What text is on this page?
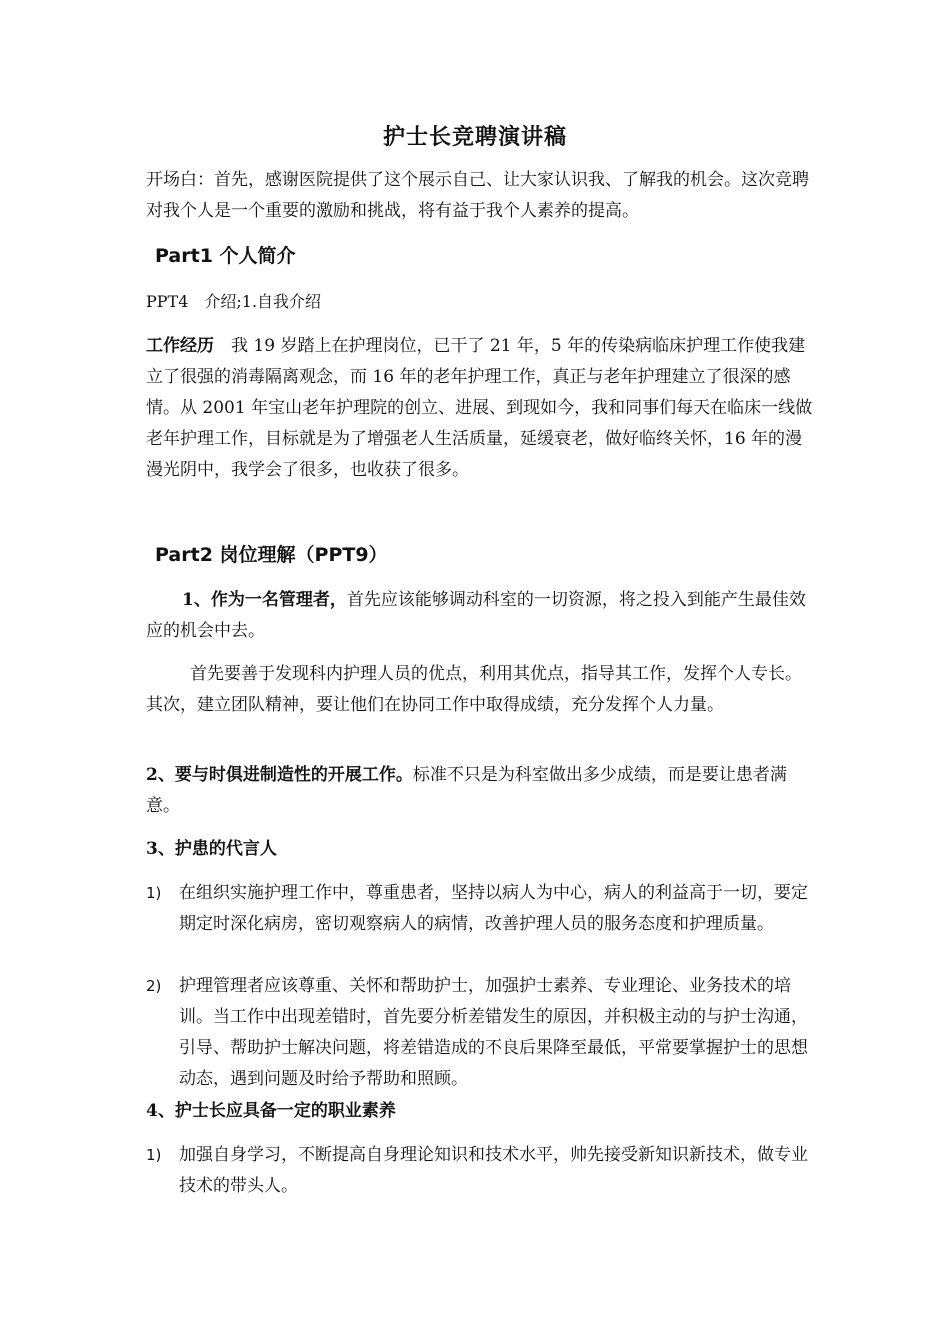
护士长竞聘演讲稿
开场白：首先，感谢医院提供了这个展示自己、让大家认识我、了解我的机会。这次竞聘对我个人是一个重要的激励和挑战，将有益于我个人素养的提高。
Part1 个人简介
PPT4　介绍;1.自我介绍
工作经历　我 19 岁踏上在护理岗位，已干了 21 年，5 年的传染病临床护理工作使我建立了很强的消毒隔离观念，而 16 年的老年护理工作，真正与老年护理建立了很深的感情。从 2001 年宝山老年护理院的创立、进展、到现如今，我和同事们每天在临床一线做老年护理工作，目标就是为了增强老人生活质量，延缓衰老，做好临终关怀，16 年的漫漫光阴中，我学会了很多，也收获了很多。
Part2 岗位理解（PPT9）
1、作为一名管理者，首先应该能够调动科室的一切资源，将之投入到能产生最佳效应的机会中去。
首先要善于发现科内护理人员的优点，利用其优点，指导其工作，发挥个人专长。其次，建立团队精神，要让他们在协同工作中取得成绩，充分发挥个人力量。
2、要与时俱进制造性的开展工作。标准不只是为科室做出多少成绩，而是要让患者满意。
3、护患的代言人
1)	在组织实施护理工作中，尊重患者，坚持以病人为中心，病人的利益高于一切，要定期定时深化病房，密切观察病人的病情，改善护理人员的服务态度和护理质量。
2)	护理管理者应该尊重、关怀和帮助护士，加强护士素养、专业理论、业务技术的培训。当工作中出现差错时，首先要分析差错发生的原因，并积极主动的与护士沟通，引导、帮助护士解决问题，将差错造成的不良后果降至最低，平常要掌握护士的思想动态，遇到问题及时给予帮助和照顾。
4、护士长应具备一定的职业素养
1)	加强自身学习，不断提高自身理论知识和技术水平，帅先接受新知识新技术，做专业技术的带头人。
